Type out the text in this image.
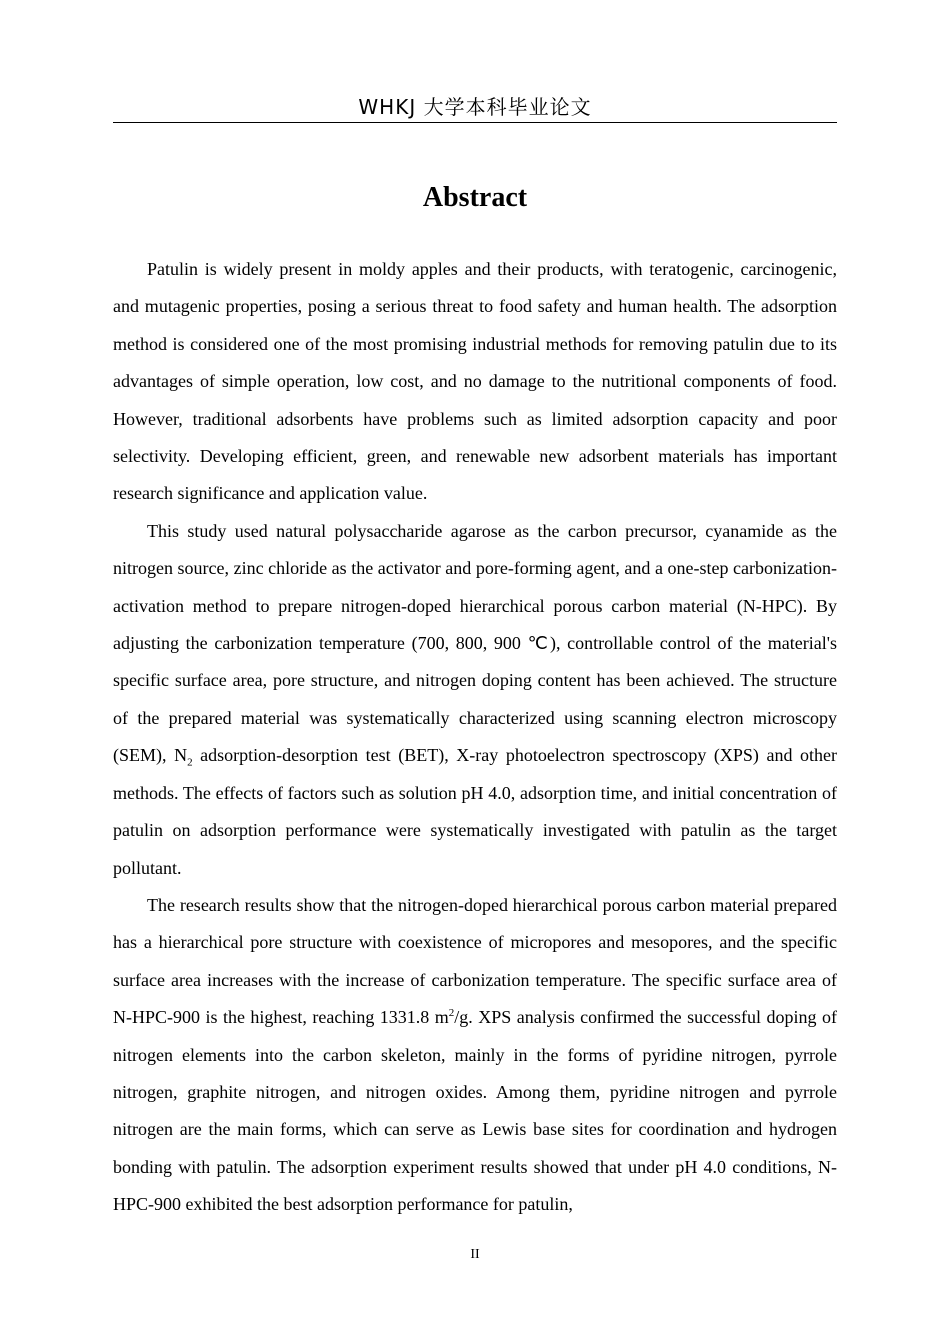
WHKJ 大学本科毕业论文
Abstract

Patulin is widely present in moldy apples and their products, with teratogenic, carcinogenic, and mutagenic properties, posing a serious threat to food safety and human health. The adsorption method is considered one of the most promising industrial methods for removing patulin due to its advantages of simple operation, low cost, and no damage to the nutritional components of food. However, traditional adsorbents have problems such as limited adsorption capacity and poor selectivity. Developing efficient, green, and renewable new adsorbent materials has important research significance and application value.

This study used natural polysaccharide agarose as the carbon precursor, cyanamide as the nitrogen source, zinc chloride as the activator and pore-forming agent, and a one-step carbonization-activation method to prepare nitrogen-doped hierarchical porous carbon material (N-HPC). By adjusting the carbonization temperature (700, 800, 900 ℃), controllable control of the material's specific surface area, pore structure, and nitrogen doping content has been achieved. The structure of the prepared material was systematically characterized using scanning electron microscopy (SEM), $N_2$ adsorption-desorption test (BET), X-ray photoelectron spectroscopy (XPS) and other methods. The effects of factors such as solution pH 4.0, adsorption time, and initial concentration of patulin on adsorption performance were systematically investigated with patulin as the target pollutant.

The research results show that the nitrogen-doped hierarchical porous carbon material prepared has a hierarchical pore structure with coexistence of micropores and mesopores, and the specific surface area increases with the increase of carbonization temperature. The specific surface area of N-HPC-900 is the highest, reaching 1331.8 $m^2/g$. XPS analysis confirmed the successful doping of nitrogen elements into the carbon skeleton, mainly in the forms of pyridine nitrogen, pyrrole nitrogen, graphite nitrogen, and nitrogen oxides. Among them, pyridine nitrogen and pyrrole nitrogen are the main forms, which can serve as Lewis base sites for coordination and hydrogen bonding with patulin. The adsorption experiment results showed that under pH 4.0 conditions, N-HPC-900 exhibited the best adsorption performance for patulin,

II
